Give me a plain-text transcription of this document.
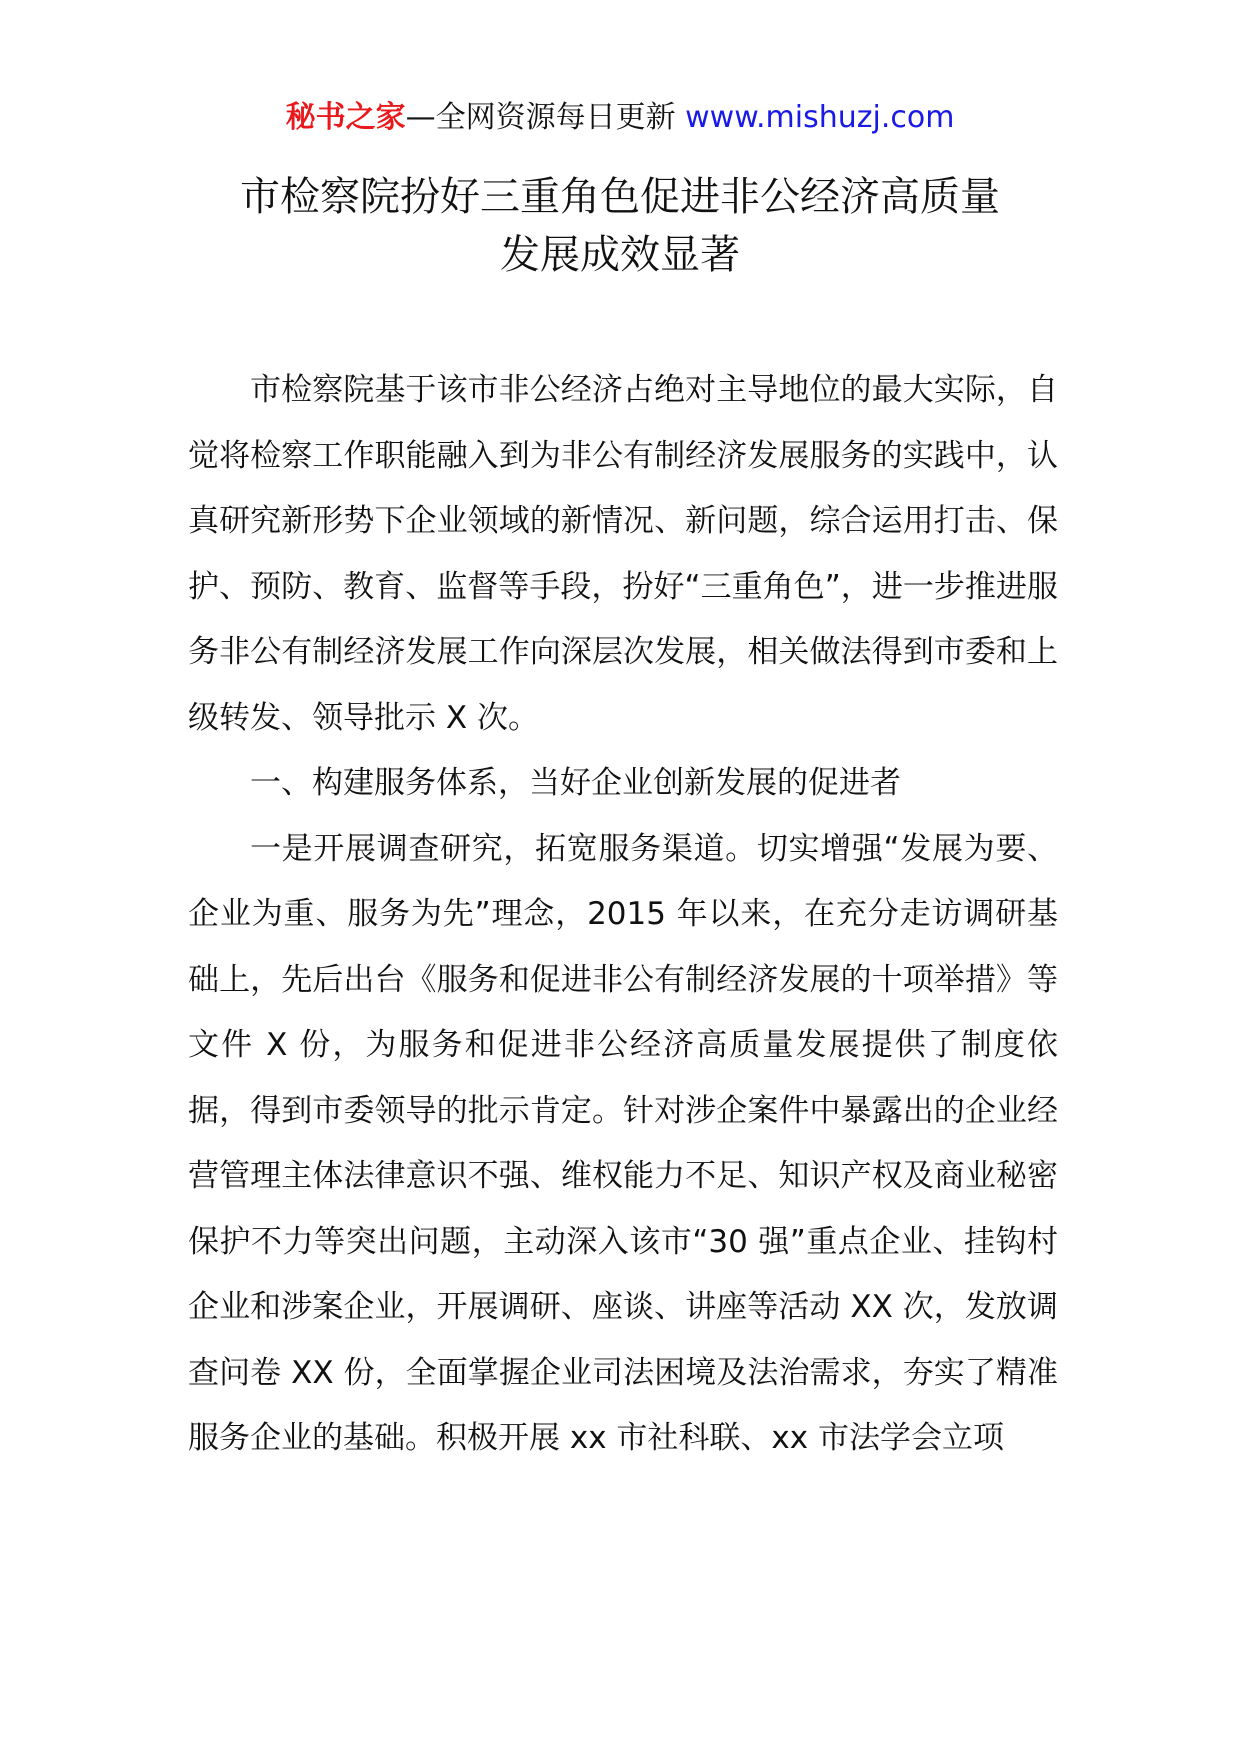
秘书之家—全网资源每日更新 www.mishuzj.com
市检察院扮好三重角色促进非公经济高质量
发展成效显著

市检察院基于该市非公经济占绝对主导地位的最大实际，自觉将检察工作职能融入到为非公有制经济发展服务的实践中，认真研究新形势下企业领域的新情况、新问题，综合运用打击、保护、预防、教育、监督等手段，扮好“三重角色”，进一步推进服务非公有制经济发展工作向深层次发展，相关做法得到市委和上级转发、领导批示 X 次。

一、构建服务体系，当好企业创新发展的促进者

一是开展调查研究，拓宽服务渠道。切实增强“发展为要、企业为重、服务为先”理念，2015 年以来，在充分走访调研基础上，先后出台《服务和促进非公有制经济发展的十项举措》等文件 X 份，为服务和促进非公经济高质量发展提供了制度依据，得到市委领导的批示肯定。针对涉企案件中暴露出的企业经营管理主体法律意识不强、维权能力不足、知识产权及商业秘密保护不力等突出问题，主动深入该市“30 强”重点企业、挂钩村企业和涉案企业，开展调研、座谈、讲座等活动 XX 次，发放调查问卷 XX 份，全面掌握企业司法困境及法治需求，夯实了精准服务企业的基础。积极开展 xx 市社科联、xx 市法学会立项
